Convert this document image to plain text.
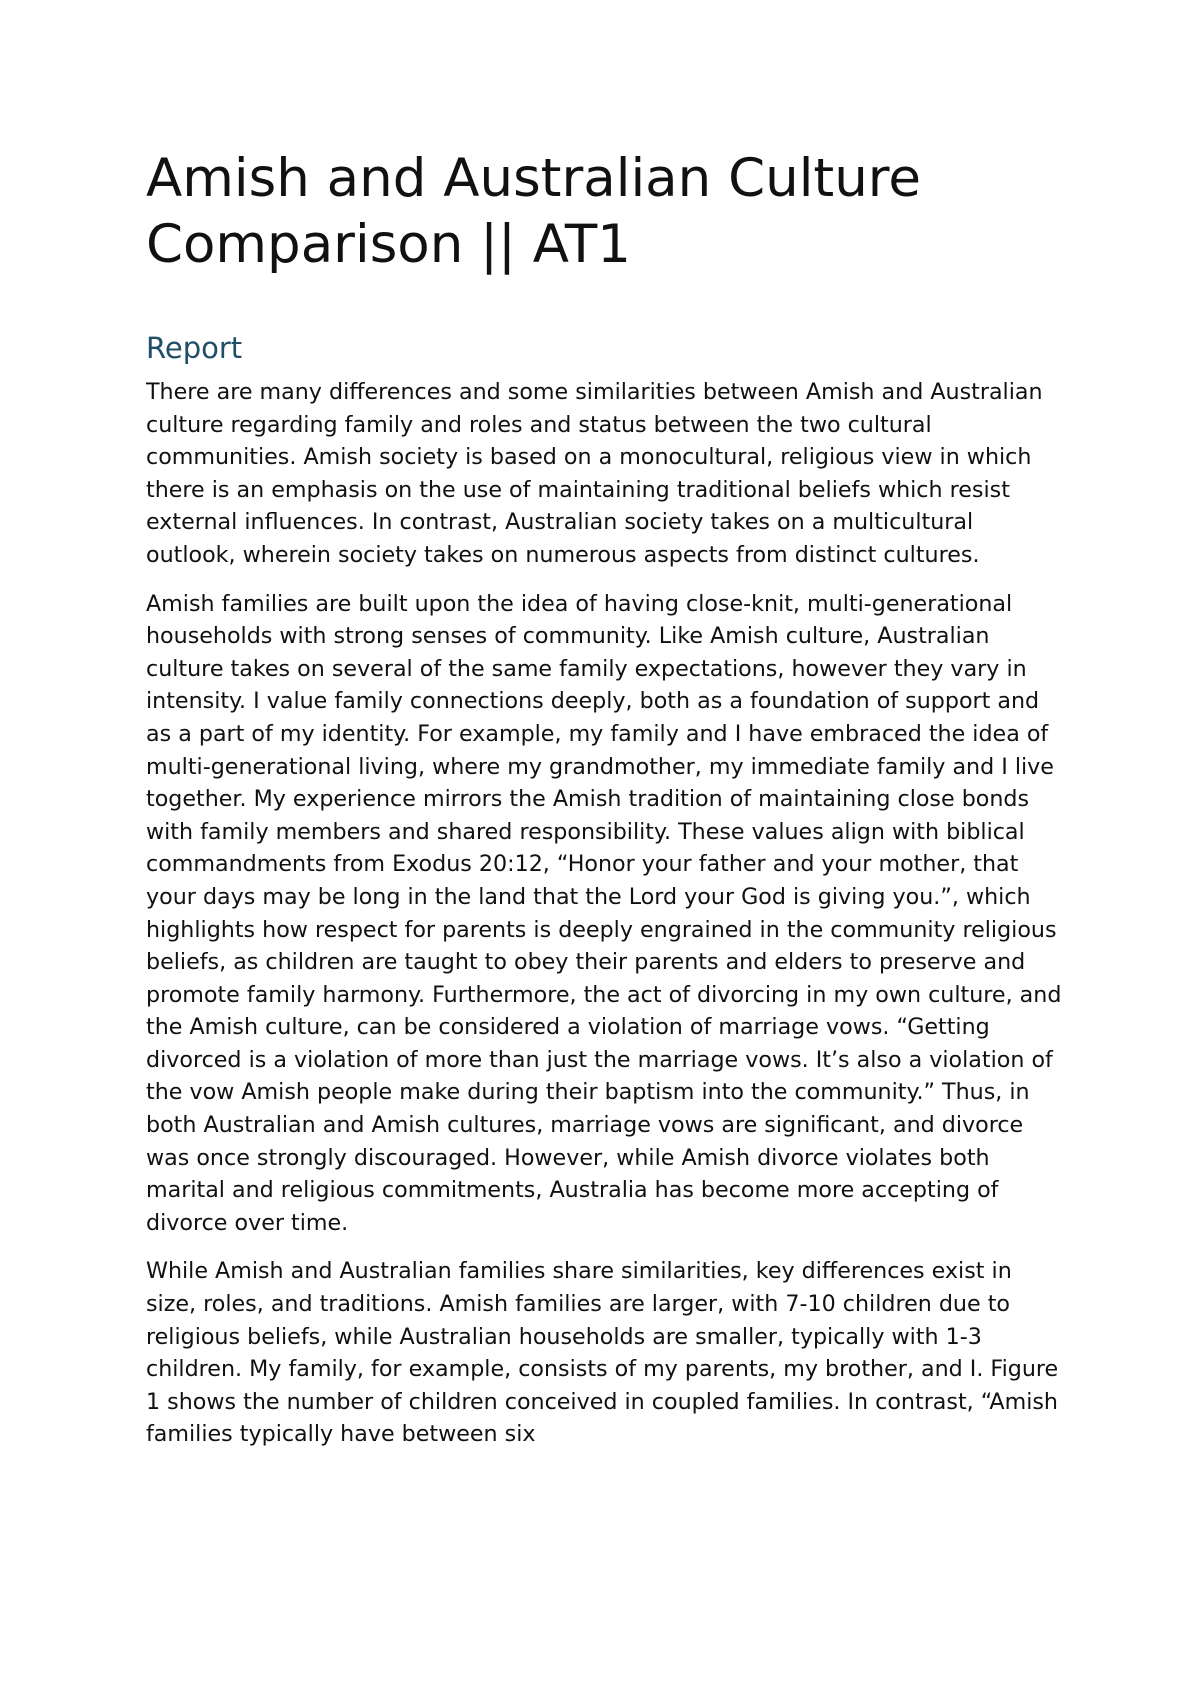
Amish and Australian Culture
Comparison || AT1
Report

There are many differences and some similarities between Amish and Australian culture regarding family and roles and status between the two cultural communities. Amish society is based on a monocultural, religious view in which there is an emphasis on the use of maintaining traditional beliefs which resist external influences. In contrast, Australian society takes on a multicultural outlook, wherein society takes on numerous aspects from distinct cultures.

Amish families are built upon the idea of having close-knit, multi-generational households with strong senses of community. Like Amish culture, Australian culture takes on several of the same family expectations, however they vary in intensity. I value family connections deeply, both as a foundation of support and as a part of my identity. For example, my family and I have embraced the idea of multi-generational living, where my grandmother, my immediate family and I live together. My experience mirrors the Amish tradition of maintaining close bonds with family members and shared responsibility. These values align with biblical commandments from Exodus 20:12, “Honor your father and your mother, that your days may be long in the land that the Lord your God is giving you.”, which highlights how respect for parents is deeply engrained in the community religious beliefs, as children are taught to obey their parents and elders to preserve and promote family harmony. Furthermore, the act of divorcing in my own culture, and the Amish culture, can be considered a violation of marriage vows. “Getting divorced is a violation of more than just the marriage vows. It’s also a violation of the vow Amish people make during their baptism into the community.” Thus, in both Australian and Amish cultures, marriage vows are significant, and divorce was once strongly discouraged. However, while Amish divorce violates both marital and religious commitments, Australia has become more accepting of divorce over time.

While Amish and Australian families share similarities, key differences exist in size, roles, and traditions. Amish families are larger, with 7-10 children due to religious beliefs, while Australian households are smaller, typically with 1-3 children. My family, for example, consists of my parents, my brother, and I. Figure 1 shows the number of children conceived in coupled families. In contrast, “Amish families typically have between six
